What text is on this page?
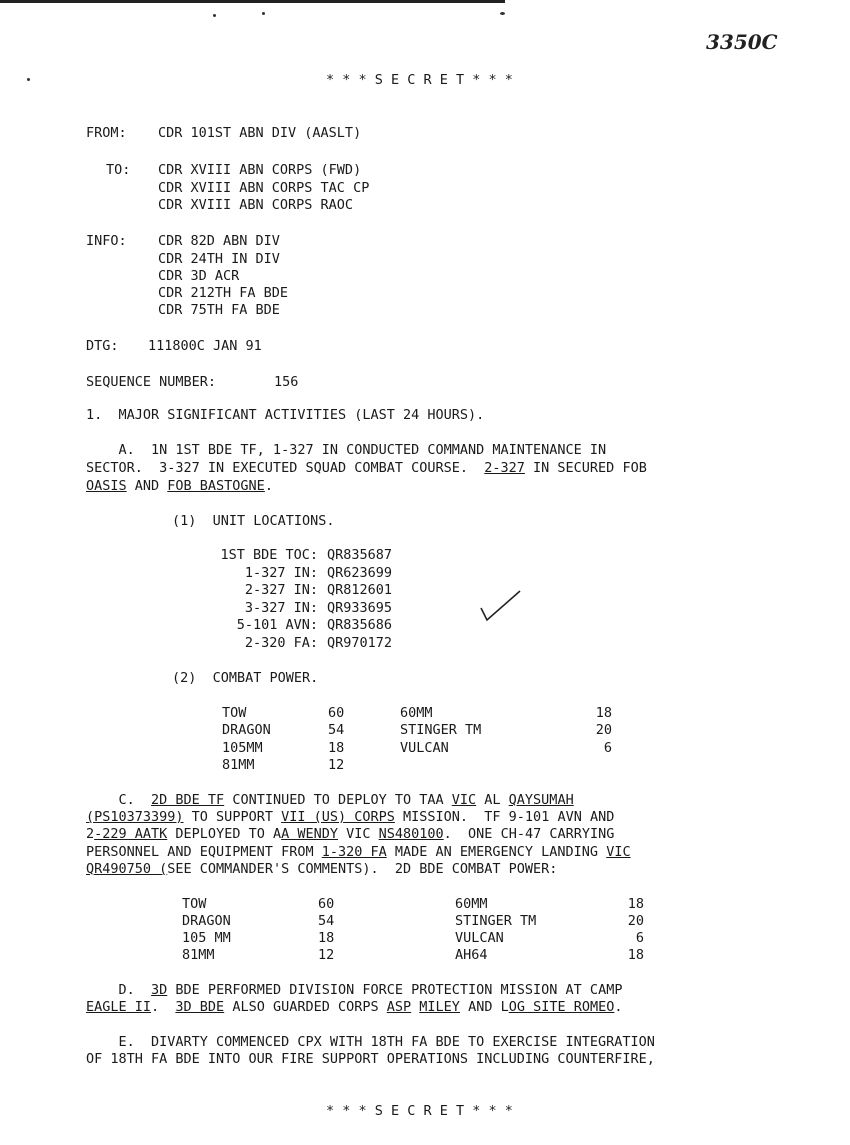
3350C
* * * S E C R E T * * *
FROM: CDR 101ST ABN DIV (AASLT)
TO: CDR XVIII ABN CORPS (FWD)
CDR XVIII ABN CORPS TAC CP
CDR XVIII ABN CORPS RAOC
INFO: CDR 82D ABN DIV
CDR 24TH IN DIV
CDR 3D ACR
CDR 212TH FA BDE
CDR 75TH FA BDE
DTG: 111800C JAN 91
SEQUENCE NUMBER:	156
1.  MAJOR SIGNIFICANT ACTIVITIES (LAST 24 HOURS).
A.  1N 1ST BDE TF, 1-327 IN CONDUCTED COMMAND MAINTENANCE IN
SECTOR.  3-327 IN EXECUTED SQUAD COMBAT COURSE.  2-327 IN SECURED FOB
OASIS AND FOB BASTOGNE.
(1)  UNIT LOCATIONS.
1ST BDE TOC: QR835687
1-327 IN: QR623699
2-327 IN: QR812601
3-327 IN: QR933695
5-101 AVN: QR835686
2-320 FA: QR970172
(2)  COMBAT POWER.
TOW	60	60MM	18
DRAGON	54	STINGER TM	20
105MM	18	VULCAN	6
81MM	12
C.  2D BDE TF CONTINUED TO DEPLOY TO TAA VIC AL QAYSUMAH
(PS10373399) TO SUPPORT VII (US) CORPS MISSION.  TF 9-101 AVN AND
2-229 AATK DEPLOYED TO AA WENDY VIC NS480100.  ONE CH-47 CARRYING
PERSONNEL AND EQUIPMENT FROM 1-320 FA MADE AN EMERGENCY LANDING VIC
QR490750 (SEE COMMANDER'S COMMENTS).  2D BDE COMBAT POWER:
TOW	60	60MM	18
DRAGON	54	STINGER TM	20
105 MM	18	VULCAN	6
81MM	12	AH64	18
D.  3D BDE PERFORMED DIVISION FORCE PROTECTION MISSION AT CAMP
EAGLE II.  3D BDE ALSO GUARDED CORPS ASP MILEY AND LOG SITE ROMEO.
E.  DIVARTY COMMENCED CPX WITH 18TH FA BDE TO EXERCISE INTEGRATION
OF 18TH FA BDE INTO OUR FIRE SUPPORT OPERATIONS INCLUDING COUNTERFIRE,
* * * S E C R E T * * *
